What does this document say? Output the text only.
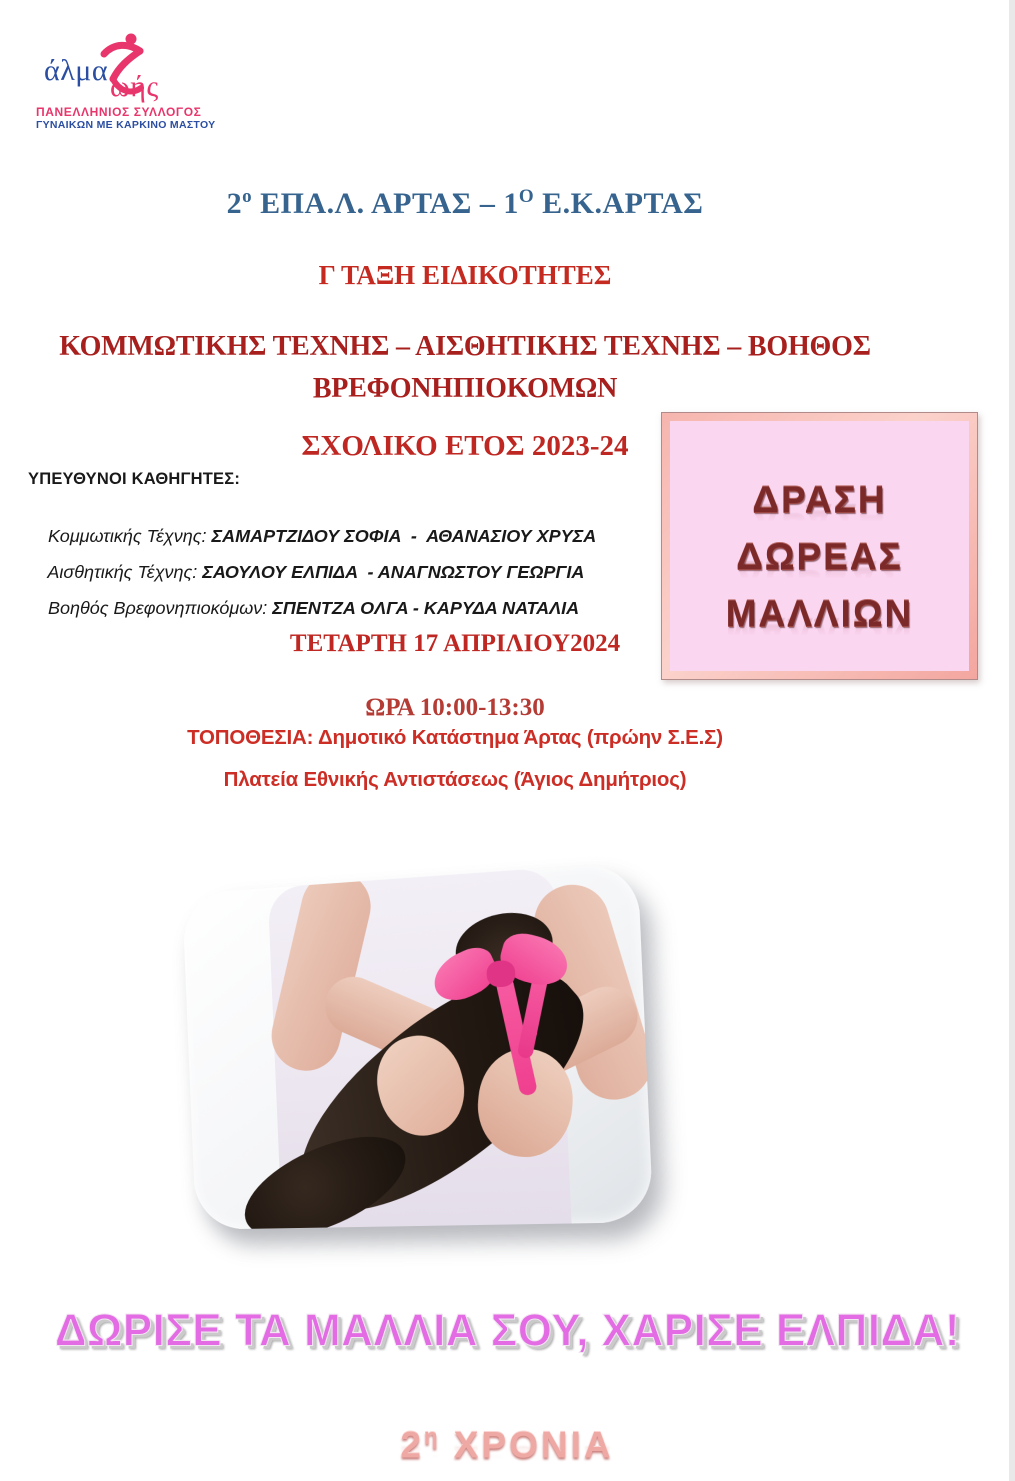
άλμα ωής
ΠΑΝΕΛΛΗΝΙΟΣ ΣΥΛΛΟΓΟΣ
ΓΥΝΑΙΚΩΝ ΜΕ ΚΑΡΚΙΝΟ ΜΑΣΤΟΥ
$2^o$ ΕΠΑ.Λ. ΑΡΤΑΣ – $1^O$ Ε.Κ.ΑΡΤΑΣ
Γ ΤΑΞΗ ΕΙΔΙΚΟΤΗΤΕΣ
ΚΟΜΜΩΤΙΚΗΣ ΤΕΧΝΗΣ – ΑΙΣΘΗΤΙΚΗΣ ΤΕΧΝΗΣ – ΒΟΗΘΟΣ
ΒΡΕΦΟΝΗΠΙΟΚΟΜΩΝ
ΣΧΟΛΙΚΟ ΕΤΟΣ 2023-24
ΥΠΕΥΘΥΝΟΙ ΚΑΘΗΓΗΤΕΣ:

Κομμωτικής Τέχνης: ΣΑΜΑΡΤΖΙΔΟΥ ΣΟΦΙΑ  -  ΑΘΑΝΑΣΙΟΥ ΧΡΥΣΑ

Αισθητικής Τέχνης: ΣΑΟΥΛΟΥ ΕΛΠΙΔΑ  - ΑΝΑΓΝΩΣΤΟΥ ΓΕΩΡΓΙΑ

Βοηθός Βρεφονηπιοκόμων: ΣΠΕΝΤΖΑ ΟΛΓΑ - ΚΑΡΥΔΑ ΝΑΤΑΛΙΑ

ΔΡΑΣΗ
ΔΩΡΕΑΣ
ΜΑΛΛΙΩΝ
ΤΕΤΑΡΤΗ 17 ΑΠΡΙΛΙΟΥ2024
ΩΡΑ 10:00-13:30
ΤΟΠΟΘΕΣΙΑ: Δημοτικό Κατάστημα Άρτας (πρώην Σ.Ε.Σ)
Πλατεία Εθνικής Αντιστάσεως (Άγιος Δημήτριος)
ΔΩΡΙΣΕ ΤΑ ΜΑΛΛΙΑ ΣΟΥ, ΧΑΡΙΣΕ ΕΛΠΙΔΑ!
$2^\eta$ ΧΡΟΝΙΑ
